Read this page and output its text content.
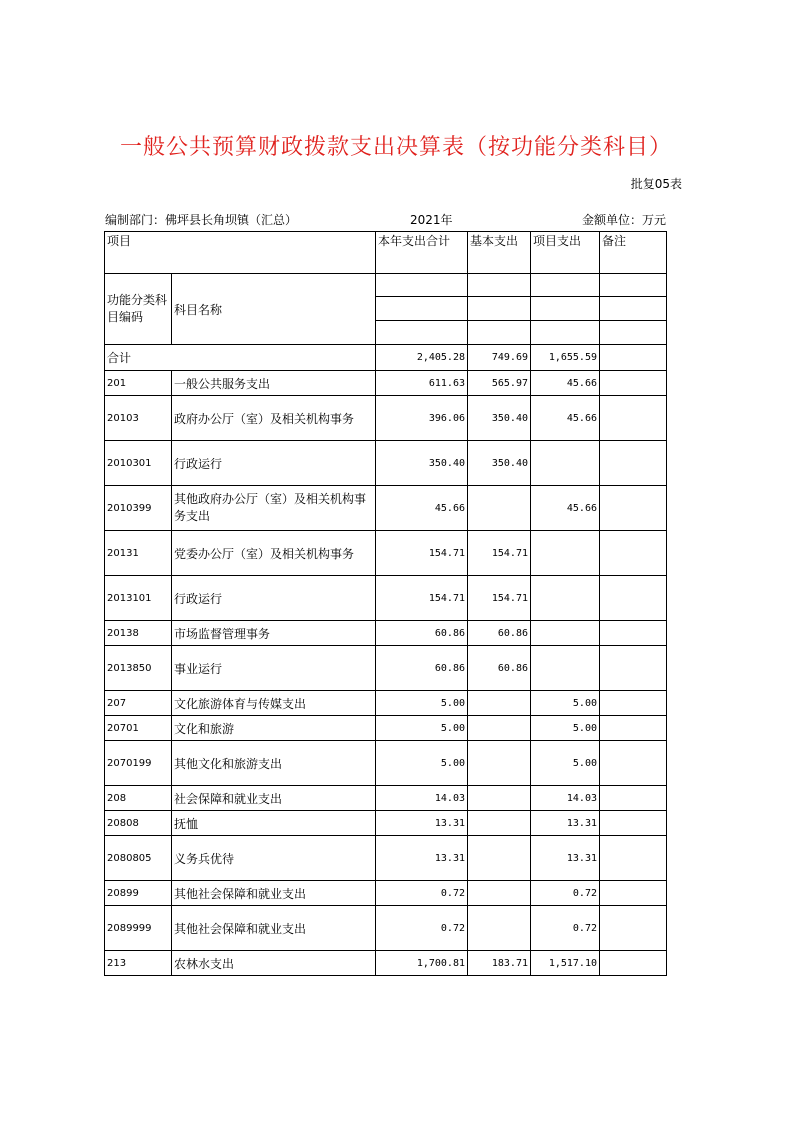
一般公共预算财政拨款支出决算表（按功能分类科目）
批复05表
编制部门：佛坪县长角坝镇（汇总）	2021年	金额单位：万元
项目		本年支出合计	基本支出	项目支出	备注
功能分类科目编码	科目名称				

合计		2,405.28	749.69	1,655.59	
201	一般公共服务支出	611.63	565.97	45.66	
20103	政府办公厅（室）及相关机构事务	396.06	350.40	45.66	
2010301	行政运行	350.40	350.40		
2010399	其他政府办公厅（室）及相关机构事务支出	45.66		45.66	
20131	党委办公厅（室）及相关机构事务	154.71	154.71		
2013101	行政运行	154.71	154.71		
20138	市场监督管理事务	60.86	60.86		
2013850	事业运行	60.86	60.86		
207	文化旅游体育与传媒支出	5.00		5.00	
20701	文化和旅游	5.00		5.00	
2070199	其他文化和旅游支出	5.00		5.00	
208	社会保障和就业支出	14.03		14.03	
20808	抚恤	13.31		13.31	
2080805	义务兵优待	13.31		13.31	
20899	其他社会保障和就业支出	0.72		0.72	
2089999	其他社会保障和就业支出	0.72		0.72	
213	农林水支出	1,700.81	183.71	1,517.10	
